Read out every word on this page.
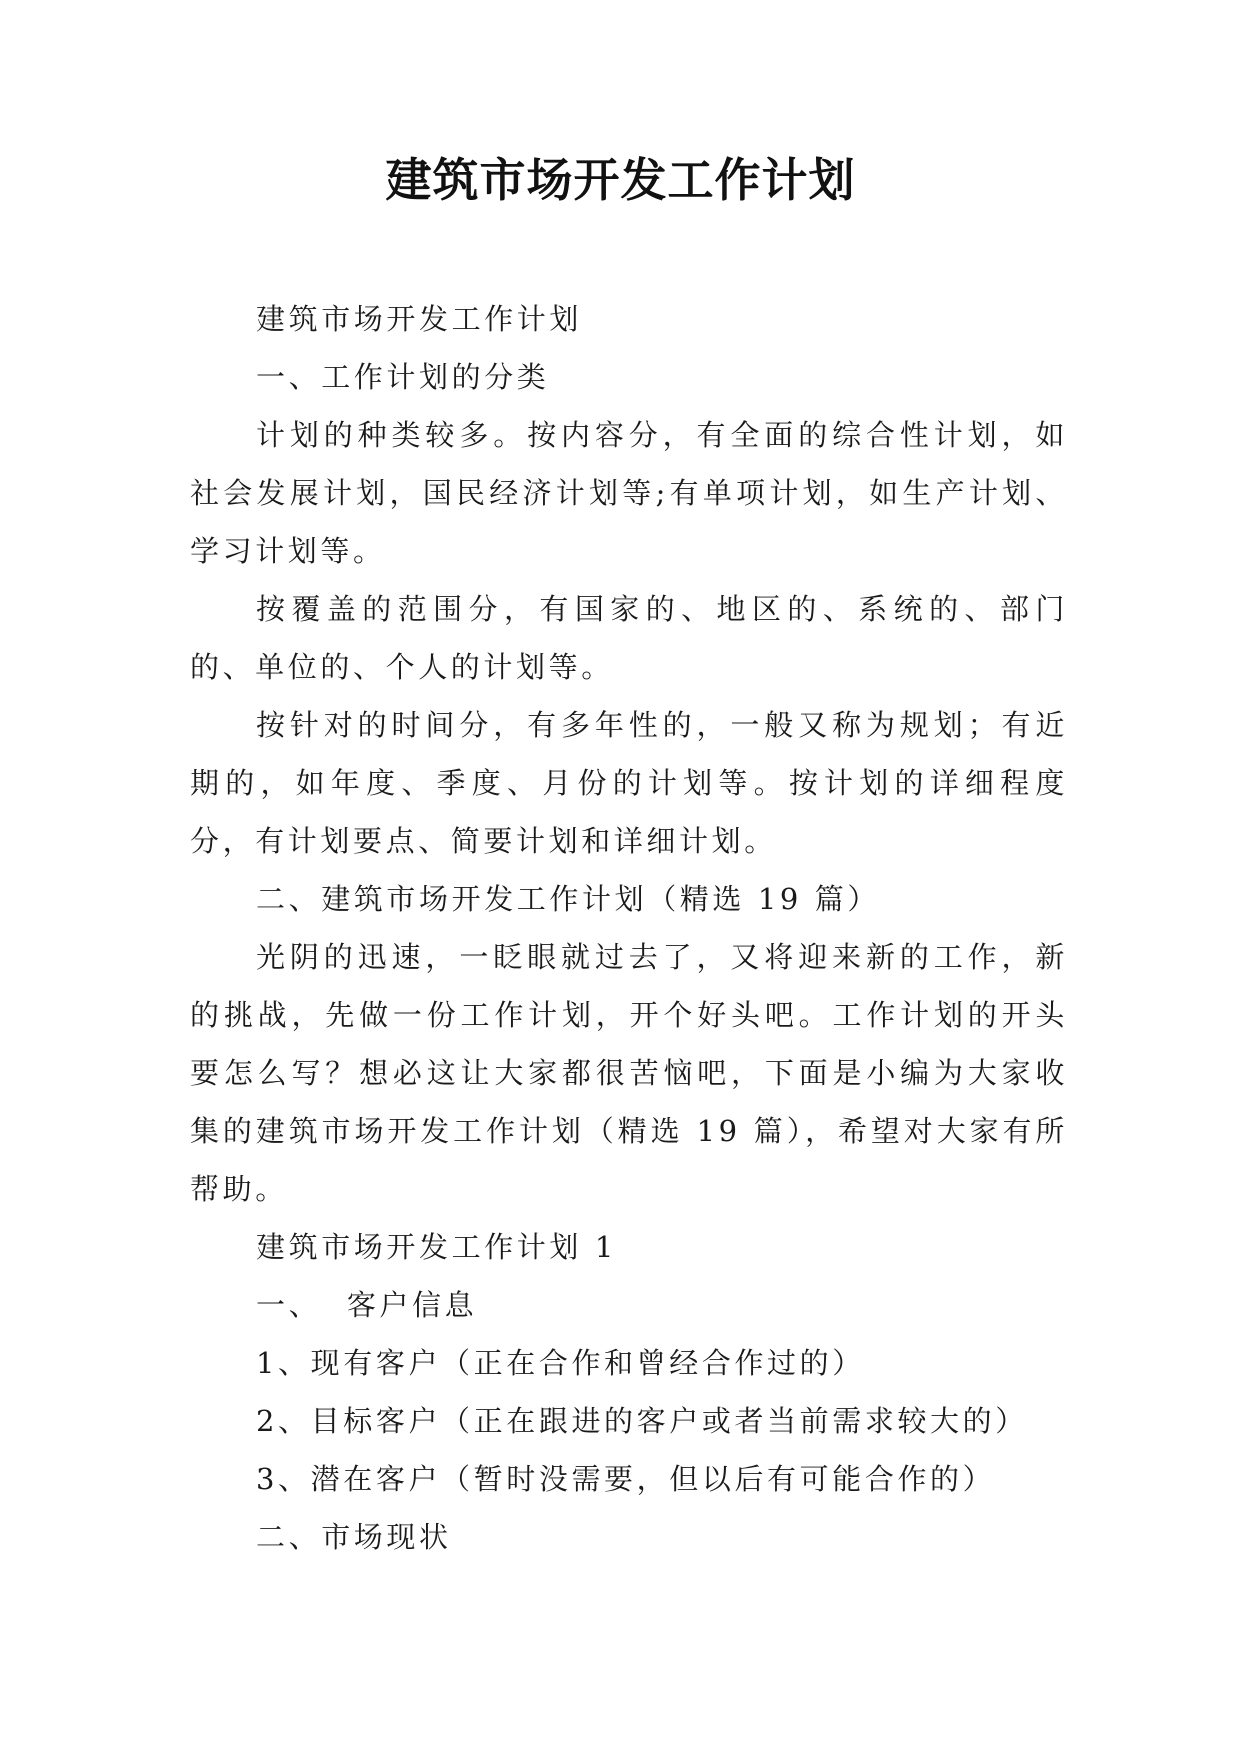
建筑市场开发工作计划

建筑市场开发工作计划

一、工作计划的分类

计划的种类较多。按内容分，有全面的综合性计划，如社会发展计划，国民经济计划等;有单项计划，如生产计划、学习计划等。

按覆盖的范围分，有国家的、地区的、系统的、部门的、单位的、个人的计划等。

按针对的时间分，有多年性的，一般又称为规划；有近期的，如年度、季度、月份的计划等。按计划的详细程度分，有计划要点、简要计划和详细计划。

二、建筑市场开发工作计划（精选 19 篇）

光阴的迅速，一眨眼就过去了，又将迎来新的工作，新的挑战，先做一份工作计划，开个好头吧。工作计划的开头要怎么写？想必这让大家都很苦恼吧，下面是小编为大家收集的建筑市场开发工作计划（精选 19 篇），希望对大家有所帮助。

建筑市场开发工作计划 1

一、  客户信息

1、现有客户（正在合作和曾经合作过的）

2、目标客户（正在跟进的客户或者当前需求较大的）

3、潜在客户（暂时没需要，但以后有可能合作的）

二、市场现状
